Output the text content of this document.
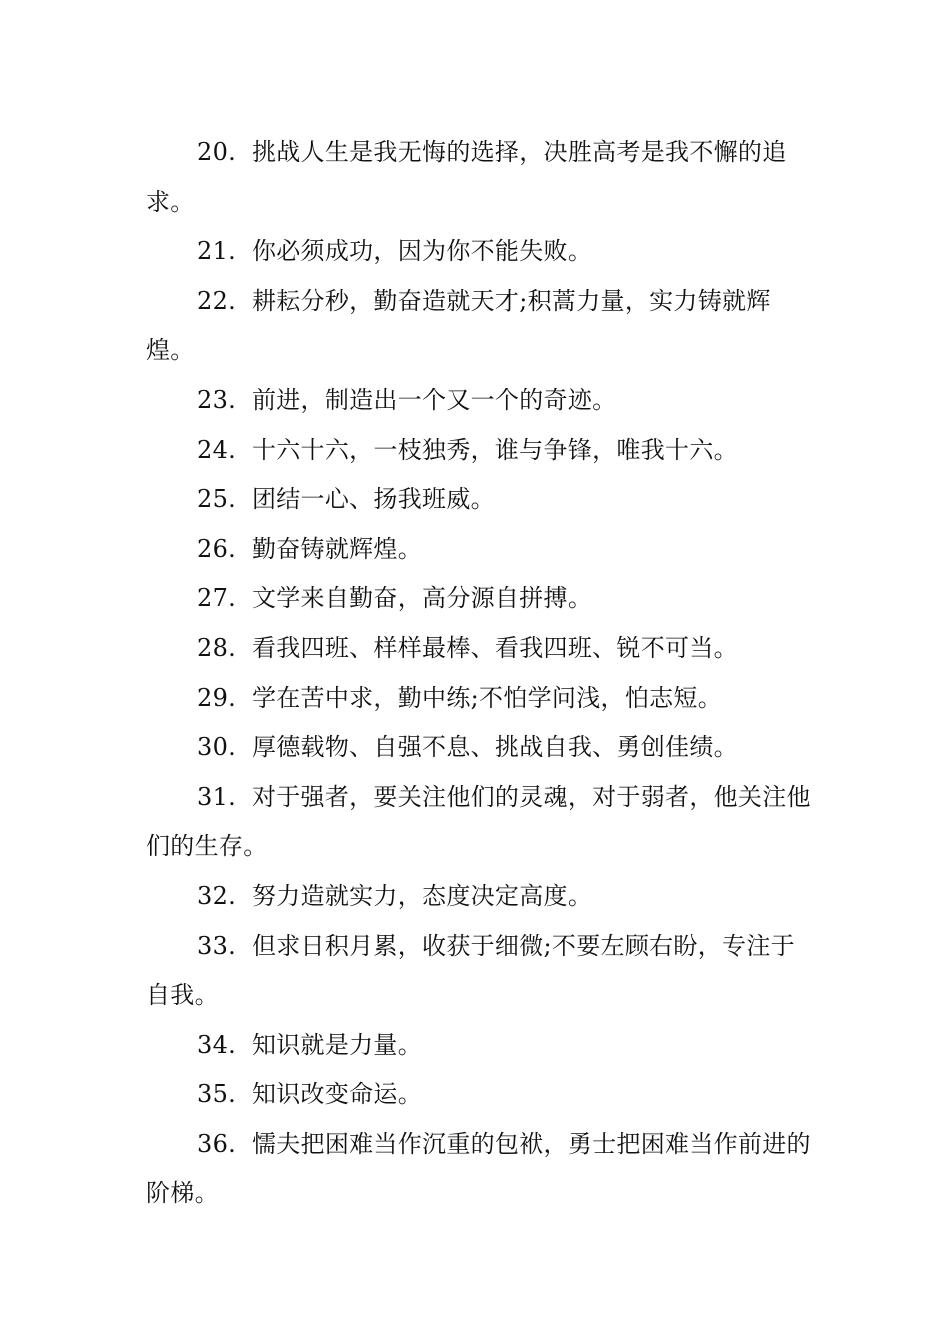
20. 挑战人生是我无悔的选择，决胜高考是我不懈的追求。

21. 你必须成功，因为你不能失败。

22. 耕耘分秒，勤奋造就天才;积蒿力量，实力铸就辉煌。

23. 前进，制造出一个又一个的奇迹。

24. 十六十六，一枝独秀，谁与争锋，唯我十六。

25. 团结一心、扬我班威。

26. 勤奋铸就辉煌。

27. 文学来自勤奋，高分源自拼搏。

28. 看我四班、样样最棒、看我四班、锐不可当。

29. 学在苦中求，勤中练;不怕学问浅，怕志短。

30. 厚德载物、自强不息、挑战自我、勇创佳绩。

31. 对于强者，要关注他们的灵魂，对于弱者，他关注他们的生存。

32. 努力造就实力，态度决定高度。

33. 但求日积月累，收获于细微;不要左顾右盼，专注于自我。

34. 知识就是力量。

35. 知识改变命运。

36. 懦夫把困难当作沉重的包袱，勇士把困难当作前进的阶梯。
